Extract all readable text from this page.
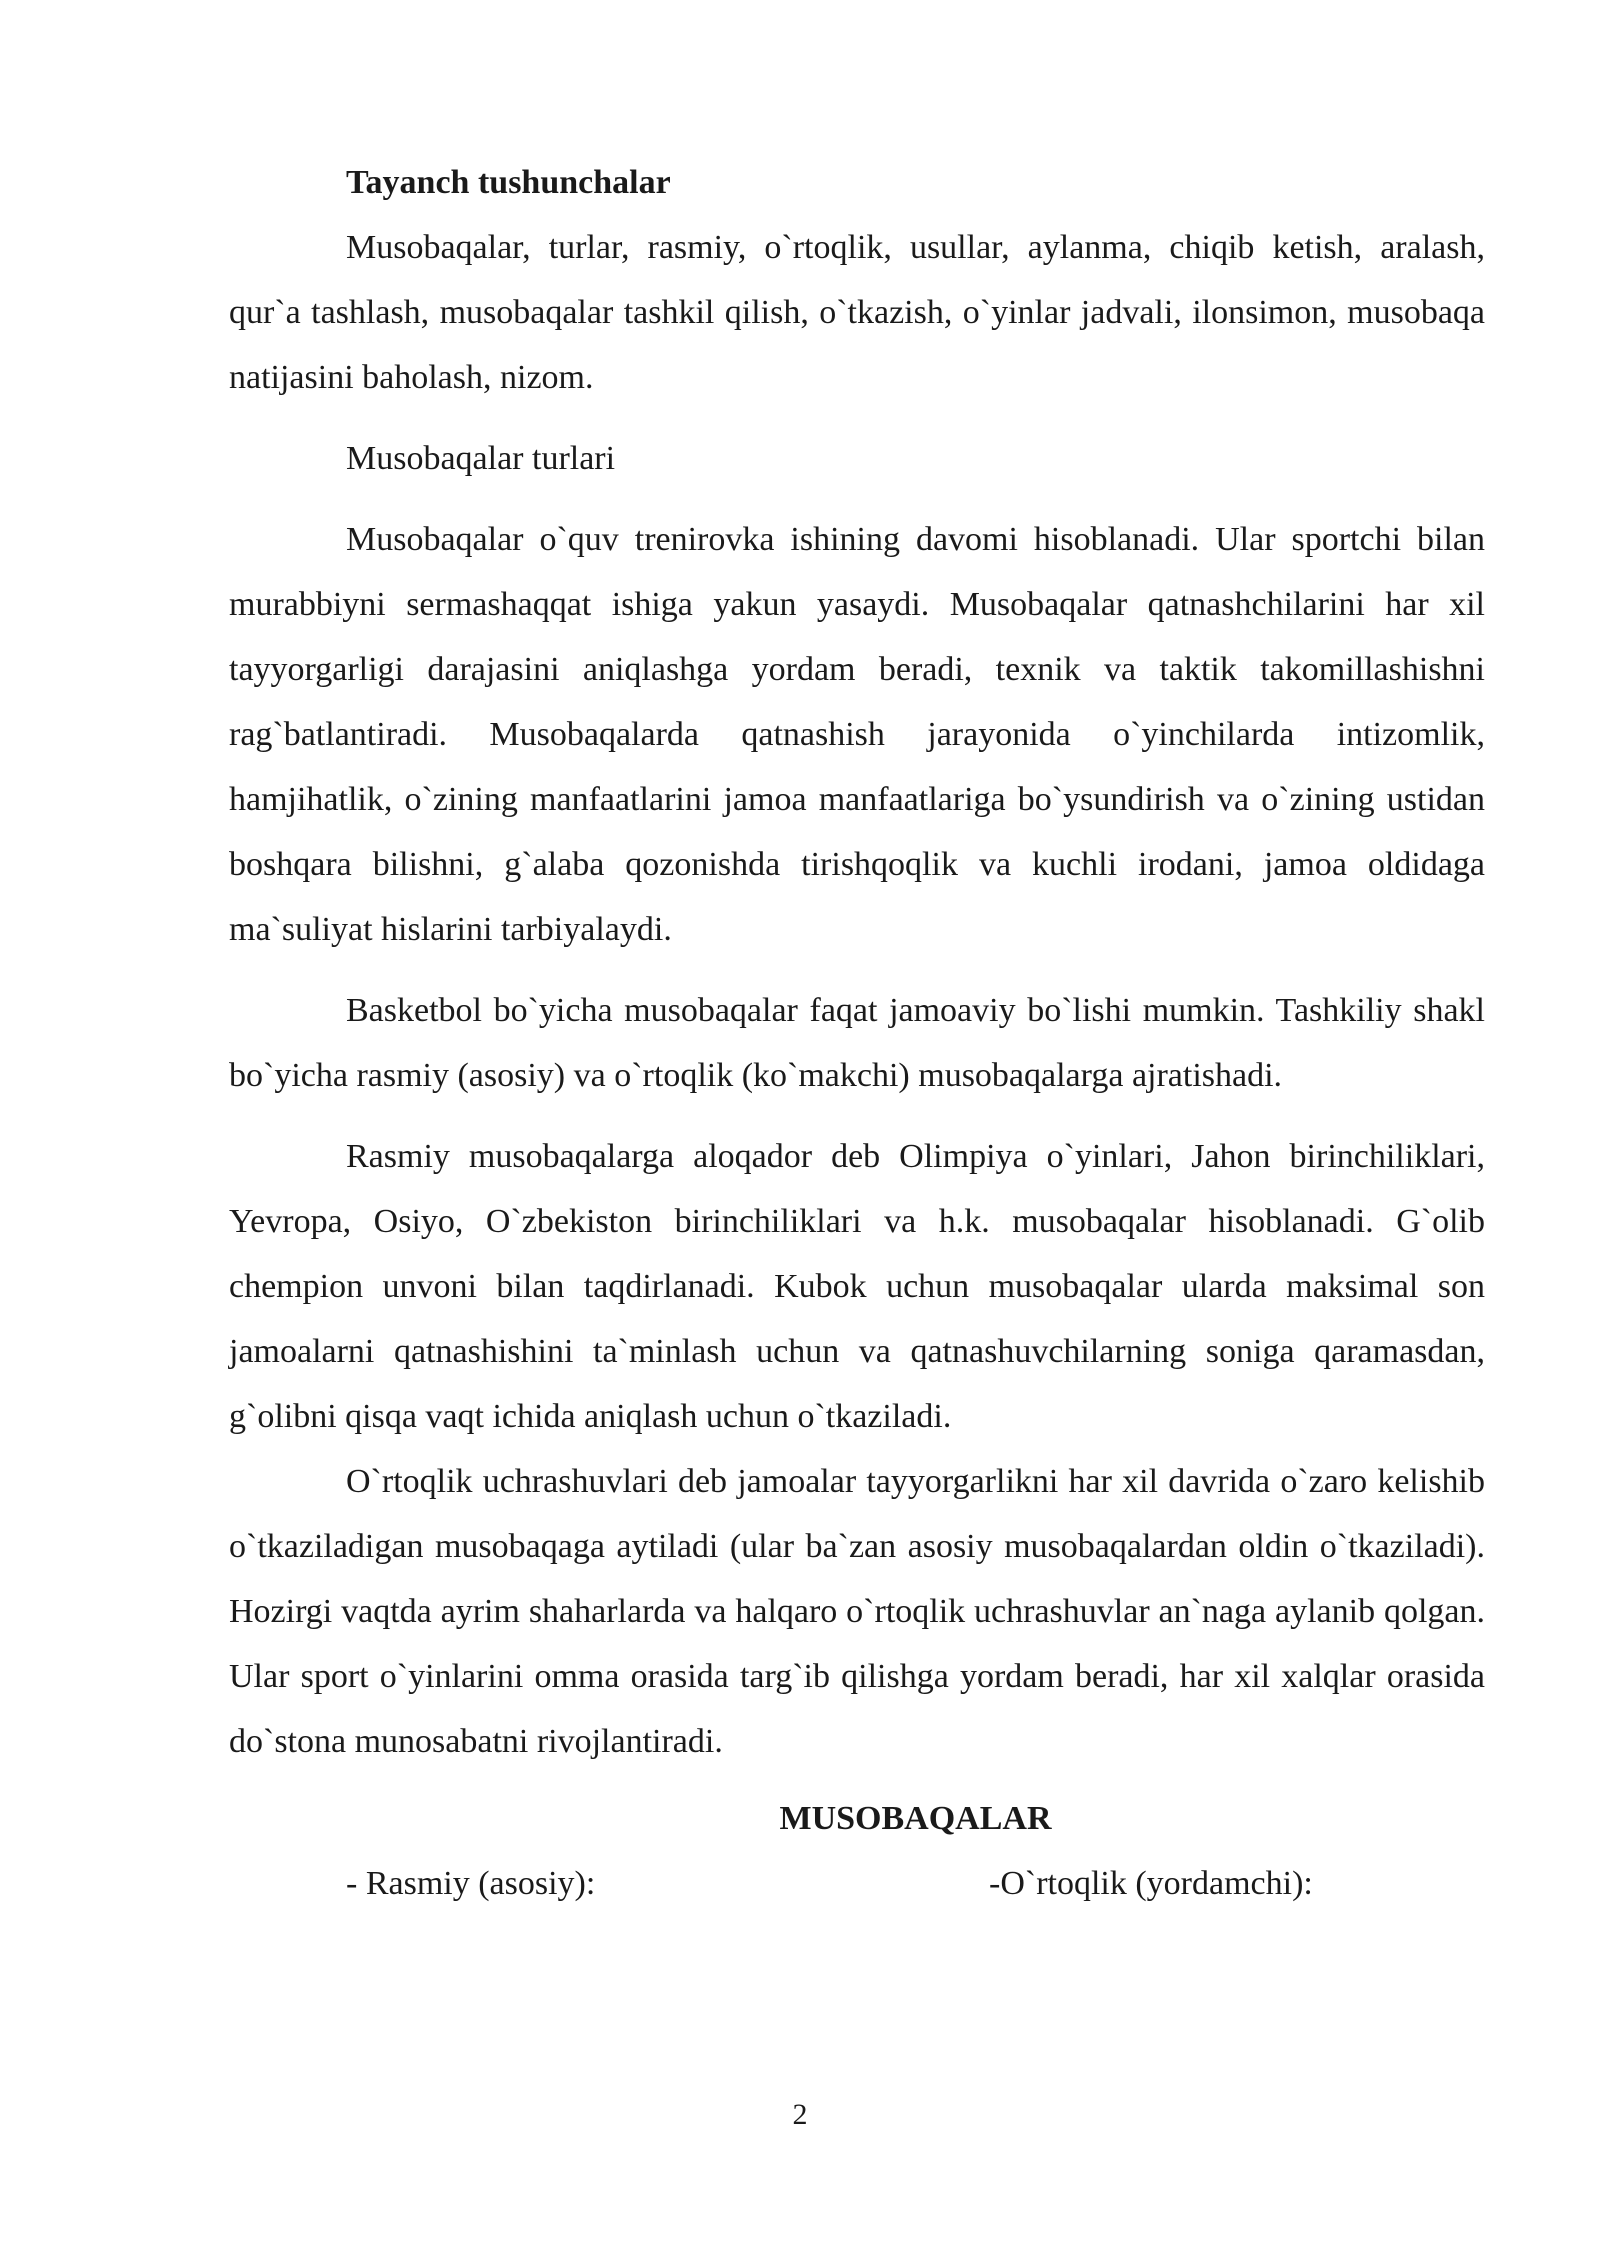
Tayanch tushunchalar

Musobaqalar, turlar, rasmiy, o`rtoqlik, usullar, aylanma, chiqib ketish, aralash, qur`a tashlash, musobaqalar tashkil qilish, o`tkazish, o`yinlar jadvali, ilonsimon, musobaqa natijasini baholash, nizom.

Musobaqalar turlari

Musobaqalar o`quv trenirovka ishining davomi hisoblanadi. Ular sportchi bilan murabbiyni sermashaqqat ishiga yakun yasaydi. Musobaqalar qatnashchilarini har xil tayyorgarligi darajasini aniqlashga yordam beradi, texnik va taktik takomillashishni rag`batlantiradi. Musobaqalarda qatnashish jarayonida o`yinchilarda intizomlik, hamjihatlik, o`zining manfaatlarini jamoa manfaatlariga bo`ysundirish va o`zining ustidan boshqara bilishni, g`alaba qozonishda tirishqoqlik va kuchli irodani, jamoa oldidaga ma`suliyat hislarini tarbiyalaydi.

Basketbol bo`yicha musobaqalar faqat jamoaviy bo`lishi mumkin. Tashkiliy shakl bo`yicha rasmiy (asosiy) va o`rtoqlik (ko`makchi) musobaqalarga ajratishadi.

Rasmiy musobaqalarga aloqador deb Olimpiya o`yinlari, Jahon birinchiliklari, Yevropa, Osiyo, O`zbekiston birinchiliklari va h.k. musobaqalar hisoblanadi. G`olib chempion unvoni bilan taqdirlanadi. Kubok uchun musobaqalar ularda maksimal son jamoalarni qatnashishini ta`minlash uchun va qatnashuvchilarning soniga qaramasdan, g`olibni qisqa vaqt ichida aniqlash uchun o`tkaziladi.

O`rtoqlik uchrashuvlari deb jamoalar tayyorgarlikni har xil davrida o`zaro kelishib o`tkaziladigan musobaqaga aytiladi (ular ba`zan asosiy musobaqalardan oldin o`tkaziladi). Hozirgi vaqtda ayrim shaharlarda va halqaro o`rtoqlik uchrashuvlar an`naga aylanib qolgan. Ular sport o`yinlarini omma orasida targ`ib qilishga yordam beradi, har xil xalqlar orasida do`stona munosabatni rivojlantiradi.

MUSOBAQALAR

- Rasmiy (asosiy):	-O`rtoqlik (yordamchi):
2
